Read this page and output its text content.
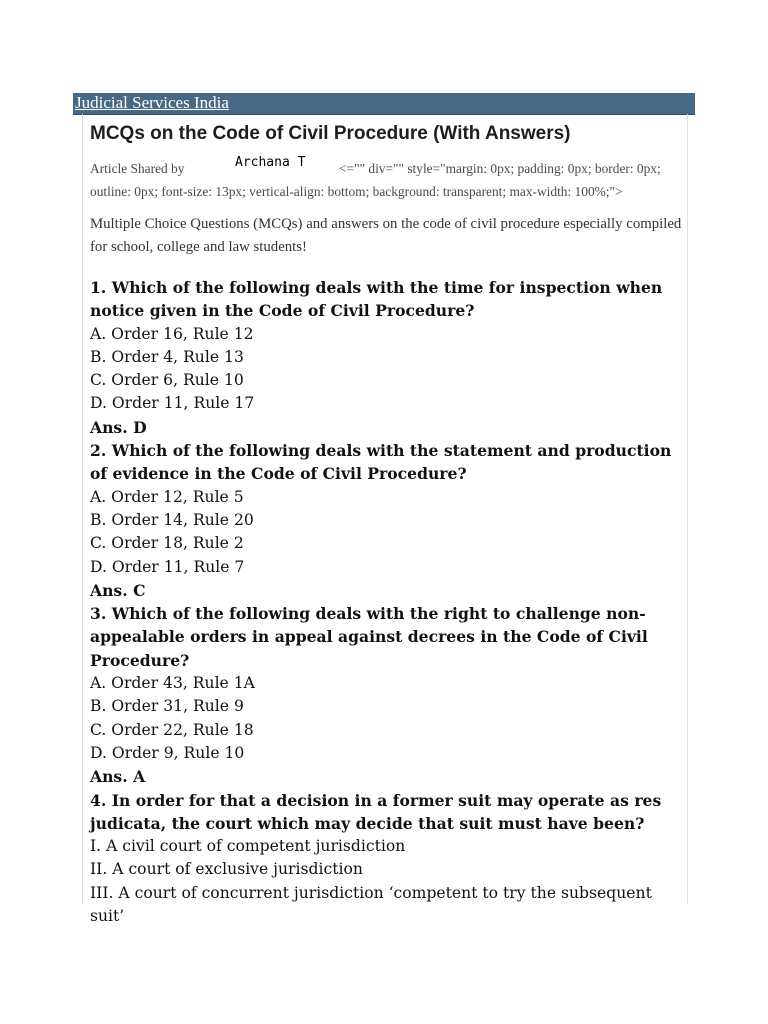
Judicial Services India
MCQs on the Code of Civil Procedure (With Answers)
Article Shared by	Archana T	<="" div="" style="margin: 0px; padding: 0px; border: 0px;
outline: 0px; font-size: 13px; vertical-align: bottom; background: transparent; max-width: 100%;">

Multiple Choice Questions (MCQs) and answers on the code of civil procedure especially compiled for school, college and law students!

1. Which of the following deals with the time for inspection when notice given in the Code of Civil Procedure?

A. Order 16, Rule 12

B. Order 4, Rule 13

C. Order 6, Rule 10

D. Order 11, Rule 17

Ans. D

2. Which of the following deals with the statement and production of evidence in the Code of Civil Procedure?

A. Order 12, Rule 5

B. Order 14, Rule 20

C. Order 18, Rule 2

D. Order 11, Rule 7

Ans. C

3. Which of the following deals with the right to challenge non-appealable orders in appeal against decrees in the Code of Civil Procedure?

A. Order 43, Rule 1A

B. Order 31, Rule 9

C. Order 22, Rule 18

D. Order 9, Rule 10

Ans. A

4. In order for that a decision in a former suit may operate as res judicata, the court which may decide that suit must have been?

I. A civil court of competent jurisdiction

II. A court of exclusive jurisdiction

III. A court of concurrent jurisdiction ‘competent to try the subsequent suit’
